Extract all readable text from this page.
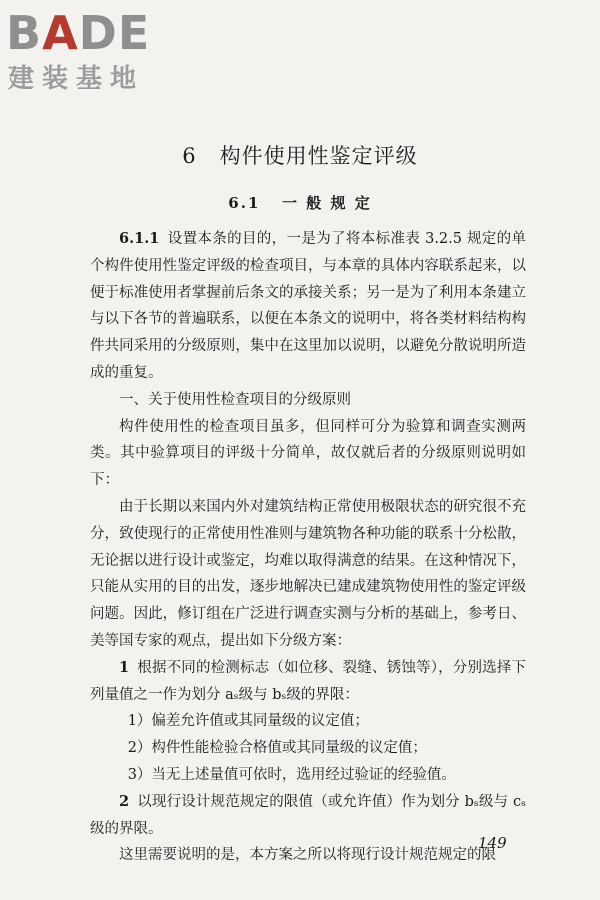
BADE
建装基地
6   构件使用性鉴定评级
6.1   一 般 规 定

6.1.1 设置本条的目的，一是为了将本标准表 3.2.5 规定的单个构件使用性鉴定评级的检查项目，与本章的具体内容联系起来，以便于标准使用者掌握前后条文的承接关系；另一是为了利用本条建立与以下各节的普遍联系，以便在本条文的说明中，将各类材料结构构件共同采用的分级原则，集中在这里加以说明，以避免分散说明所造成的重复。

一、关于使用性检查项目的分级原则

构件使用性的检查项目虽多，但同样可分为验算和调查实测两类。其中验算项目的评级十分简单，故仅就后者的分级原则说明如下：

由于长期以来国内外对建筑结构正常使用极限状态的研究很不充分，致使现行的正常使用性准则与建筑物各种功能的联系十分松散，无论据以进行设计或鉴定，均难以取得满意的结果。在这种情况下，只能从实用的目的出发，逐步地解决已建成建筑物使用性的鉴定评级问题。因此，修订组在广泛进行调查实测与分析的基础上，参考日、美等国专家的观点，提出如下分级方案：

1 根据不同的检测标志（如位移、裂缝、锈蚀等），分别选择下列量值之一作为划分 aₛ级与 bₛ级的界限：

1）偏差允许值或其同量级的议定值；

2）构件性能检验合格值或其同量级的议定值；

3）当无上述量值可依时，选用经过验证的经验值。

2 以现行设计规范规定的限值（或允许值）作为划分 bₛ级与 cₛ级的界限。

这里需要说明的是，本方案之所以将现行设计规范规定的限

149
